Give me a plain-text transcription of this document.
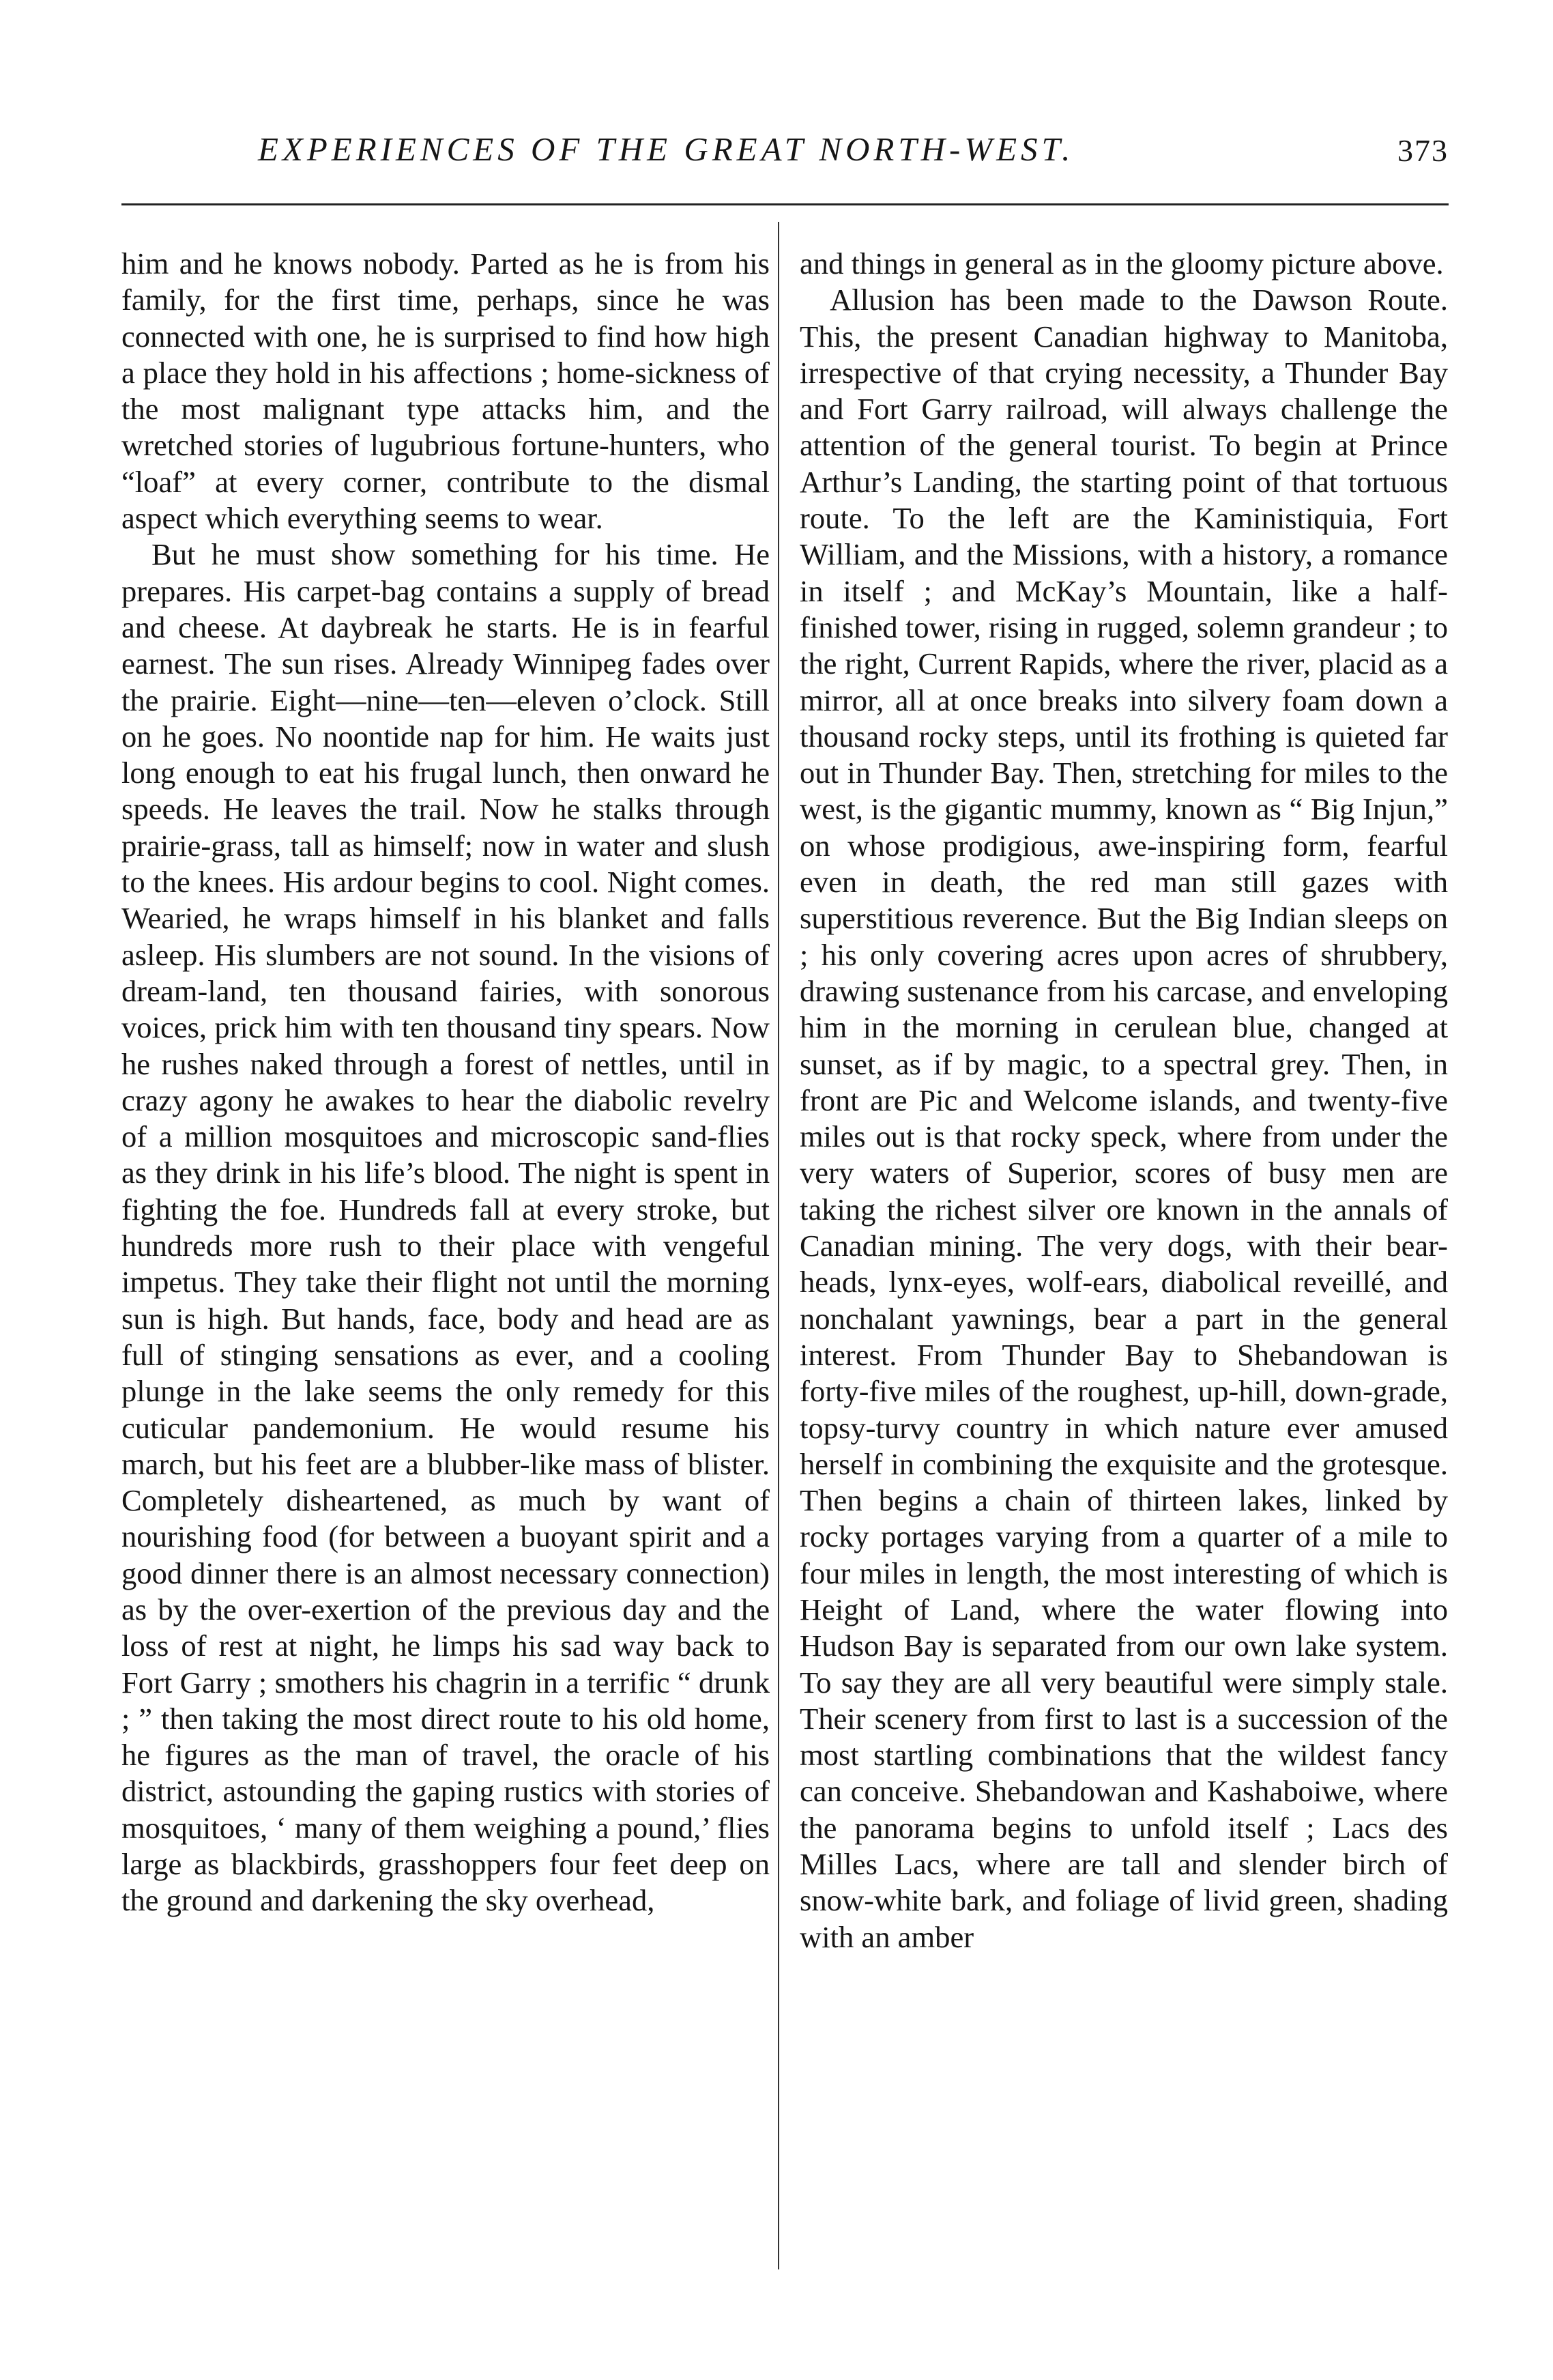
EXPERIENCES OF THE GREAT NORTH-WEST.	373

him and he knows nobody. Parted as he is from his family, for the first time, perhaps, since he was connected with one, he is surprised to find how high a place they hold in his affections ; home-sickness of the most malignant type attacks him, and the wretched stories of lugubrious fortune-hunters, who “loaf” at every corner, contribute to the dismal aspect which everything seems to wear.

But he must show something for his time. He prepares. His carpet-bag contains a supply of bread and cheese. At daybreak he starts. He is in fearful earnest. The sun rises. Already Winnipeg fades over the prairie. Eight—nine—ten—eleven o’clock. Still on he goes. No noontide nap for him. He waits just long enough to eat his frugal lunch, then onward he speeds. He leaves the trail. Now he stalks through prairie-grass, tall as himself; now in water and slush to the knees. His ardour begins to cool. Night comes. Wearied, he wraps himself in his blanket and falls asleep. His slumbers are not sound. In the visions of dream-land, ten thousand fairies, with sonorous voices, prick him with ten thousand tiny spears. Now he rushes naked through a forest of nettles, until in crazy agony he awakes to hear the diabolic revelry of a million mosquitoes and microscopic sand-flies as they drink in his life’s blood. The night is spent in fighting the foe. Hundreds fall at every stroke, but hundreds more rush to their place with vengeful impetus. They take their flight not until the morning sun is high. But hands, face, body and head are as full of stinging sensations as ever, and a cooling plunge in the lake seems the only remedy for this cuticular pandemonium. He would resume his march, but his feet are a blubber-like mass of blister. Completely disheartened, as much by want of nourishing food (for between a buoyant spirit and a good dinner there is an almost necessary connection) as by the over-exertion of the previous day and the loss of rest at night, he limps his sad way back to Fort Garry ; smothers his chagrin in a terrific “ drunk ; ” then taking the most direct route to his old home, he figures as the man of travel, the oracle of his district, astounding the gaping rustics with stories of mosquitoes, ‘ many of them weighing a pound,’ flies large as blackbirds, grasshoppers four feet deep on the ground and darkening the sky overhead,

and things in general as in the gloomy picture above.

Allusion has been made to the Dawson Route. This, the present Canadian highway to Manitoba, irrespective of that crying necessity, a Thunder Bay and Fort Garry railroad, will always challenge the attention of the general tourist. To begin at Prince Arthur’s Landing, the starting point of that tortuous route. To the left are the Kaministiquia, Fort William, and the Missions, with a history, a romance in itself ; and McKay’s Mountain, like a half-finished tower, rising in rugged, solemn grandeur ; to the right, Current Rapids, where the river, placid as a mirror, all at once breaks into silvery foam down a thousand rocky steps, until its frothing is quieted far out in Thunder Bay. Then, stretching for miles to the west, is the gigantic mummy, known as “ Big Injun,” on whose prodigious, awe-inspiring form, fearful even in death, the red man still gazes with superstitious reverence. But the Big Indian sleeps on ; his only covering acres upon acres of shrubbery, drawing sustenance from his carcase, and enveloping him in the morning in cerulean blue, changed at sunset, as if by magic, to a spectral grey. Then, in front are Pic and Welcome islands, and twenty-five miles out is that rocky speck, where from under the very waters of Superior, scores of busy men are taking the richest silver ore known in the annals of Canadian mining. The very dogs, with their bear-heads, lynx-eyes, wolf-ears, diabolical reveillé, and nonchalant yawnings, bear a part in the general interest. From Thunder Bay to Shebandowan is forty-five miles of the roughest, up-hill, down-grade, topsy-turvy country in which nature ever amused herself in combining the exquisite and the grotesque. Then begins a chain of thirteen lakes, linked by rocky portages varying from a quarter of a mile to four miles in length, the most interesting of which is Height of Land, where the water flowing into Hudson Bay is separated from our own lake system. To say they are all very beautiful were simply stale. Their scenery from first to last is a succession of the most startling combinations that the wildest fancy can conceive. Shebandowan and Kashaboiwe, where the panorama begins to unfold itself ; Lacs des Milles Lacs, where are tall and slender birch of snow-white bark, and foliage of livid green, shading with an amber
